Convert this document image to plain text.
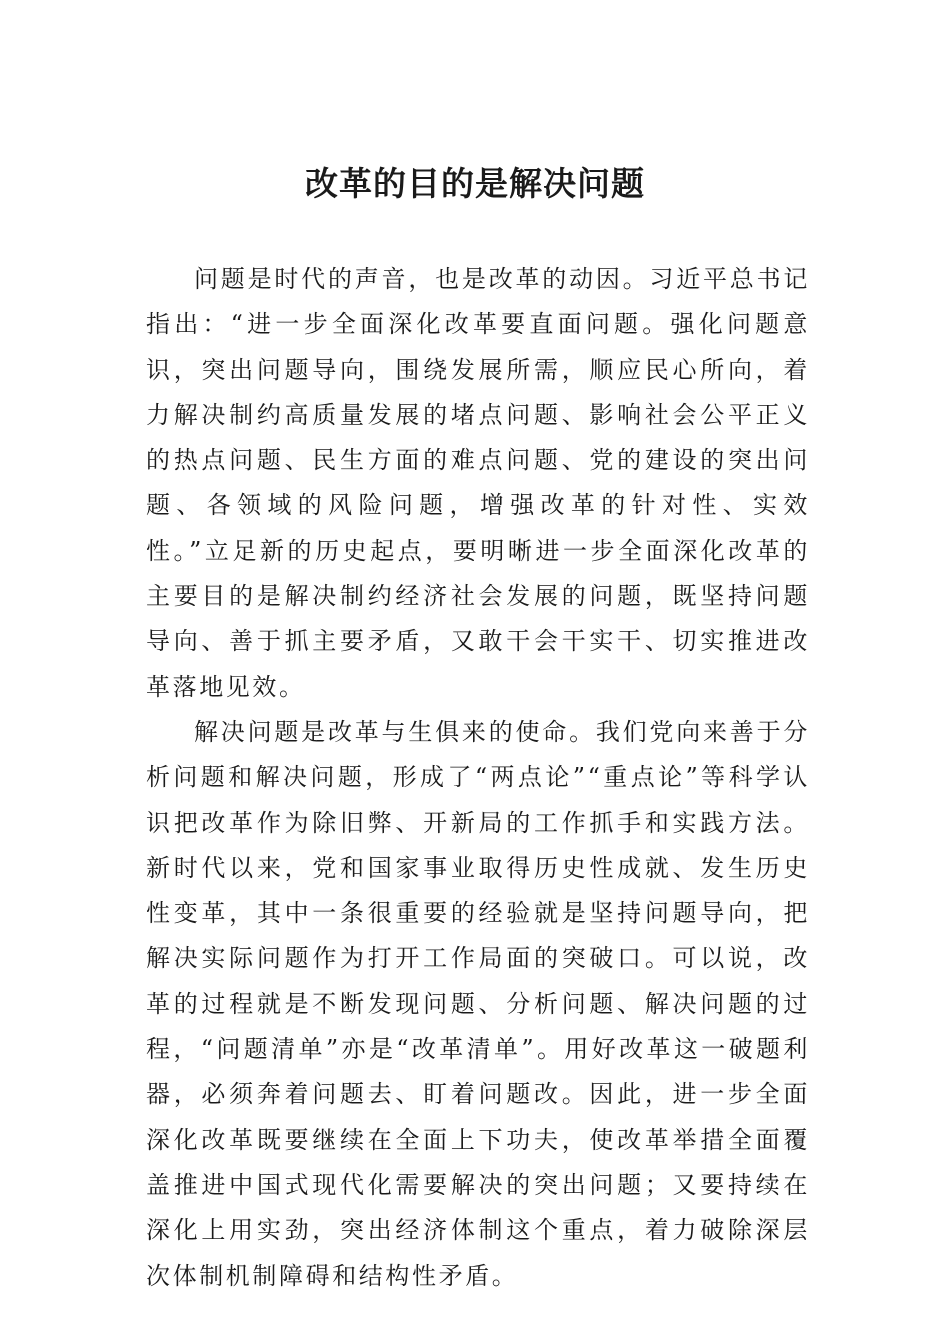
改革的目的是解决问题

问题是时代的声音，也是改革的动因。习近平总书记指出：“进一步全面深化改革要直面问题。强化问题意识，突出问题导向，围绕发展所需，顺应民心所向，着力解决制约高质量发展的堵点问题、影响社会公平正义的热点问题、民生方面的难点问题、党的建设的突出问题、各领域的风险问题，增强改革的针对性、实效性。”立足新的历史起点，要明晰进一步全面深化改革的主要目的是解决制约经济社会发展的问题，既坚持问题导向、善于抓主要矛盾，又敢干会干实干、切实推进改革落地见效。

解决问题是改革与生俱来的使命。我们党向来善于分析问题和解决问题，形成了“两点论”“重点论”等科学认识把改革作为除旧弊、开新局的工作抓手和实践方法。新时代以来，党和国家事业取得历史性成就、发生历史性变革，其中一条很重要的经验就是坚持问题导向，把解决实际问题作为打开工作局面的突破口。可以说，改革的过程就是不断发现问题、分析问题、解决问题的过程，“问题清单”亦是“改革清单”。用好改革这一破题利器，必须奔着问题去、盯着问题改。因此，进一步全面深化改革既要继续在全面上下功夫，使改革举措全面覆盖推进中国式现代化需要解决的突出问题；又要持续在深化上用实劲，突出经济体制这个重点，着力破除深层次体制机制障碍和结构性矛盾。
